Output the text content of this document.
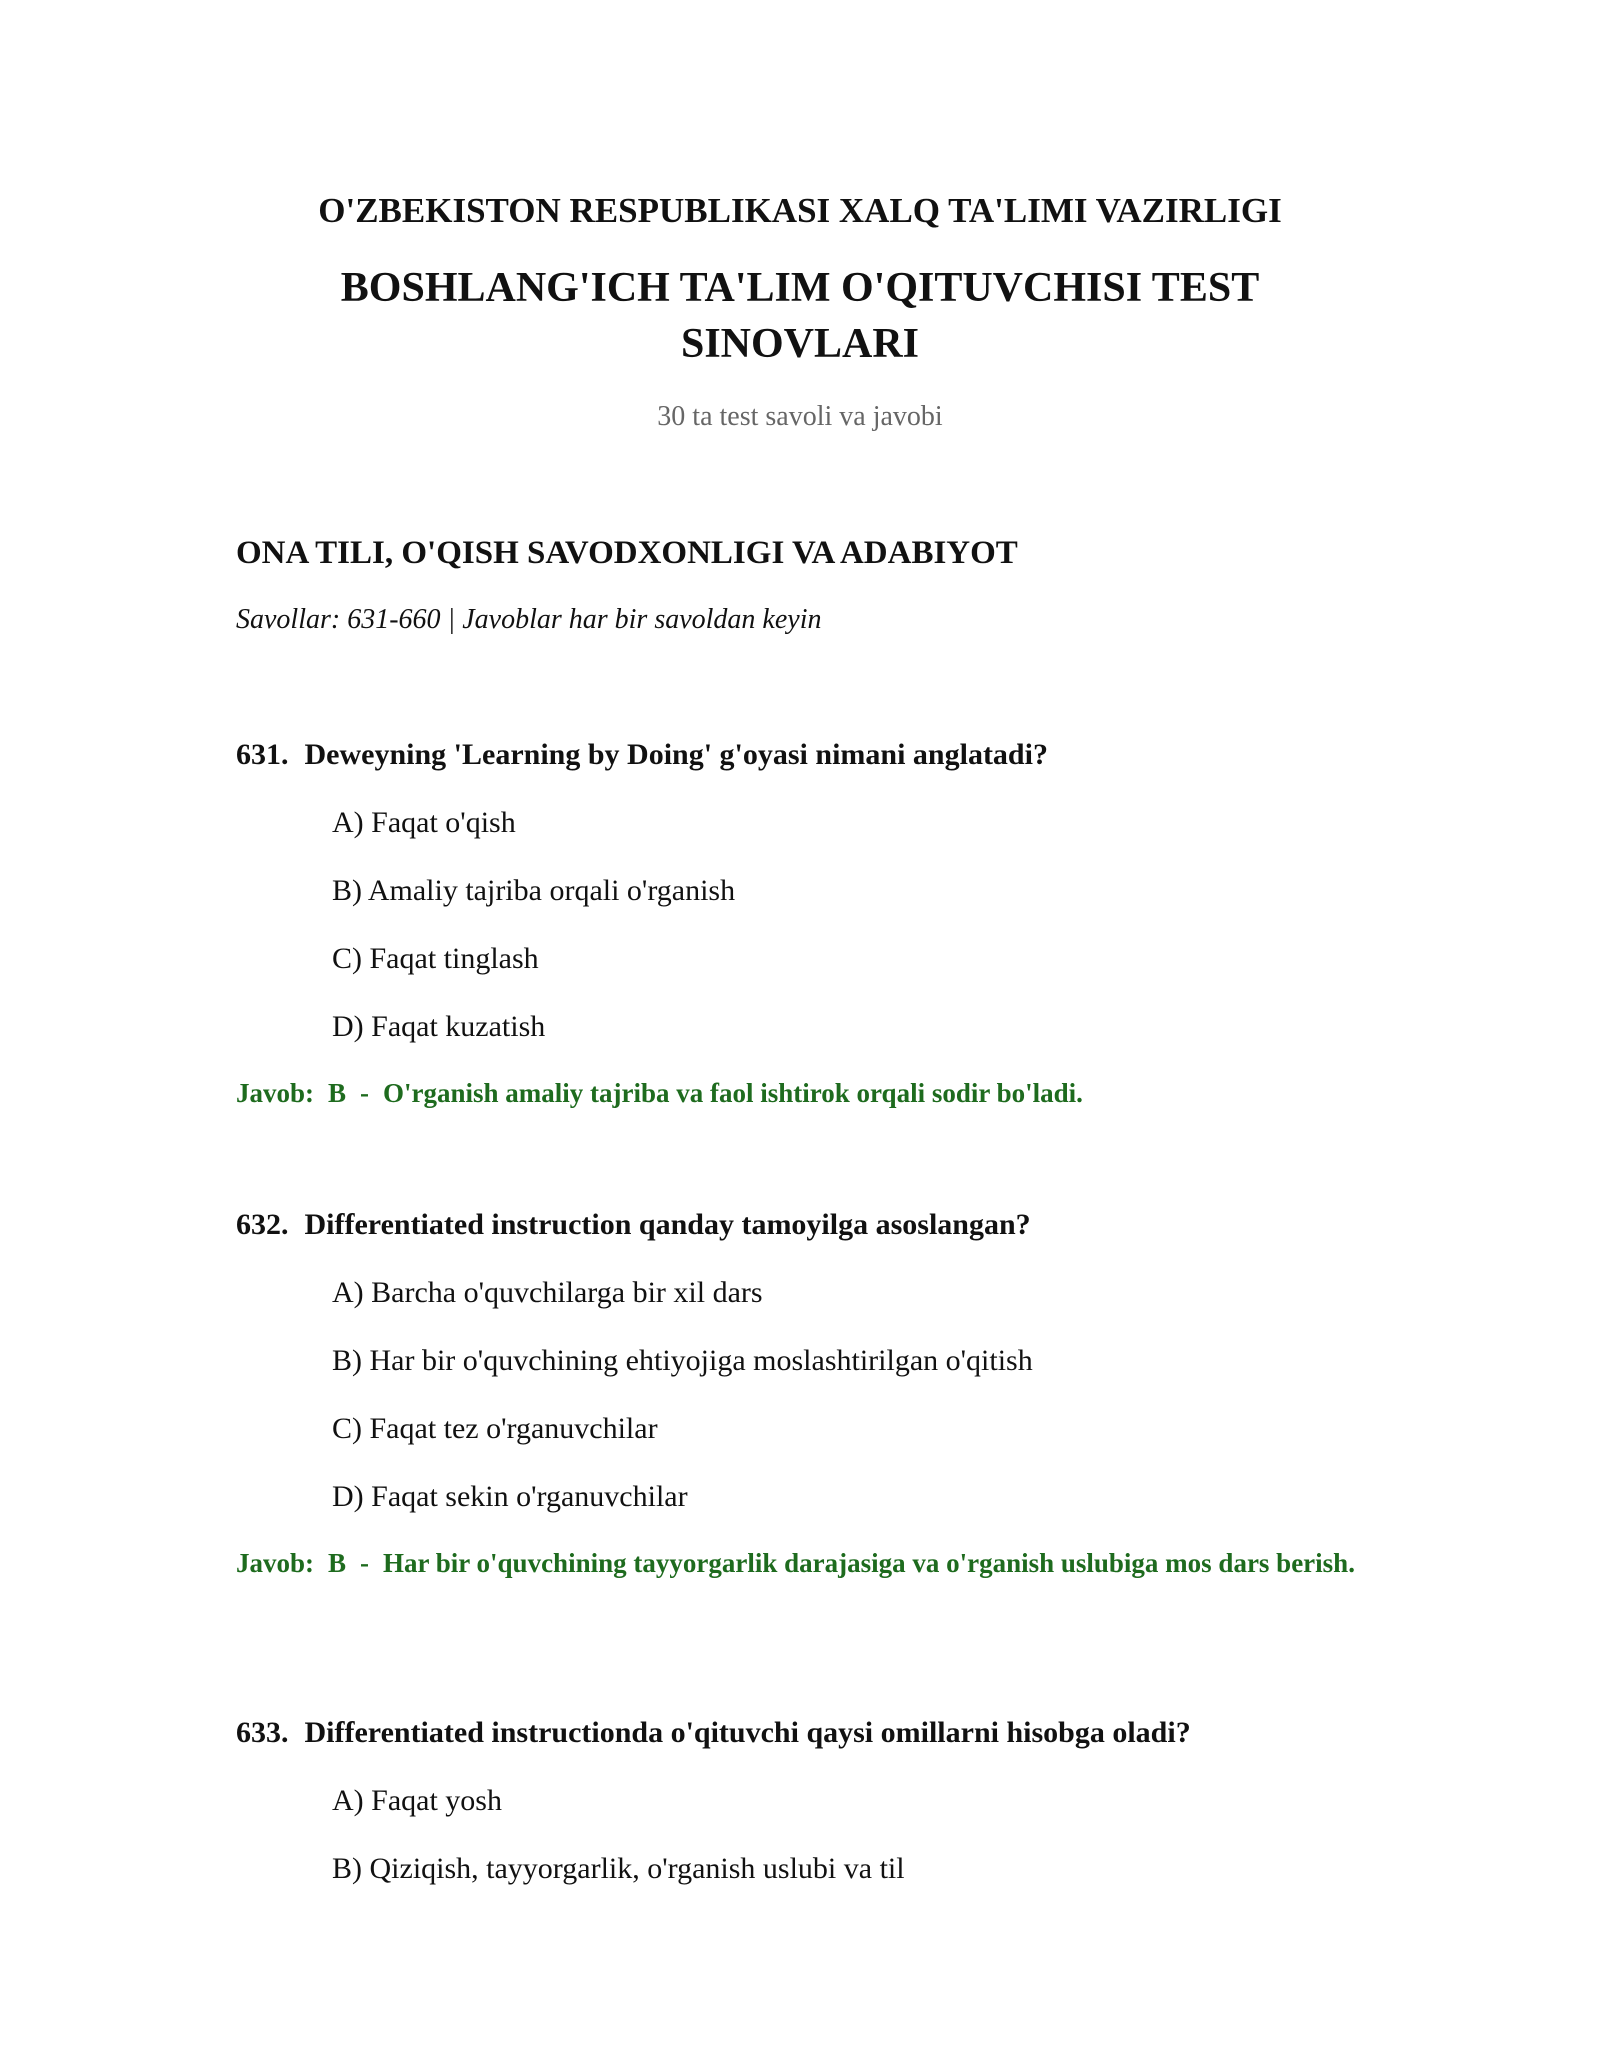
O'ZBEKISTON RESPUBLIKASI XALQ TA'LIMI VAZIRLIGI
BOSHLANG'ICH TA'LIM O'QITUVCHISI TEST SINOVLARI
30 ta test savoli va javobi
ONA TILI, O'QISH SAVODXONLIGI VA ADABIYOT
Savollar: 631-660 | Javoblar har bir savoldan keyin
631. Deweyning 'Learning by Doing' g'oyasi nimani anglatadi?
A) Faqat o'qish
B) Amaliy tajriba orqali o'rganish
C) Faqat tinglash
D) Faqat kuzatish
Javob: B - O'rganish amaliy tajriba va faol ishtirok orqali sodir bo'ladi.
632. Differentiated instruction qanday tamoyilga asoslangan?
A) Barcha o'quvchilarga bir xil dars
B) Har bir o'quvchining ehtiyojiga moslashtirilgan o'qitish
C) Faqat tez o'rganuvchilar
D) Faqat sekin o'rganuvchilar
Javob: B - Har bir o'quvchining tayyorgarlik darajasiga va o'rganish uslubiga mos dars berish.
633. Differentiated instructionda o'qituvchi qaysi omillarni hisobga oladi?
A) Faqat yosh
B) Qiziqish, tayyorgarlik, o'rganish uslubi va til
